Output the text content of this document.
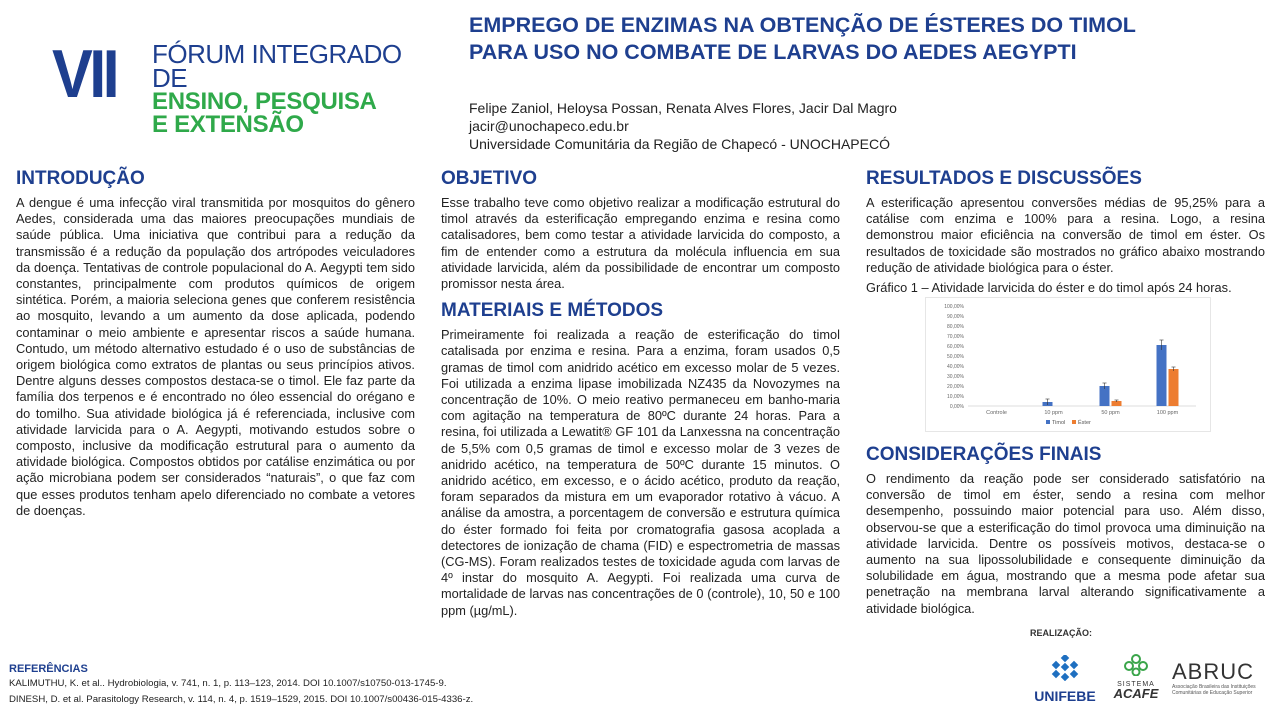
VII FÓRUM INTEGRADO DE
ENSINO, PESQUISA
E EXTENSÃO
EMPREGO DE ENZIMAS NA OBTENÇÃO DE ÉSTERES DO TIMOL PARA USO NO COMBATE DE LARVAS DO AEDES AEGYPTI
Felipe Zaniol, Heloysa Possan, Renata Alves Flores, Jacir Dal Magro
jacir@unochapeco.edu.br
Universidade Comunitária da Região de Chapecó - UNOCHAPECÓ
INTRODUÇÃO

A dengue é uma infecção viral transmitida por mosquitos do gênero Aedes, considerada uma das maiores preocupações mundiais de saúde pública. Uma iniciativa que contribui para a redução da transmissão é a redução da população dos artrópodes veiculadores da doença. Tentativas de controle populacional do A. Aegypti tem sido constantes, principalmente com produtos químicos de origem sintética. Porém, a maioria seleciona genes que conferem resistência ao mosquito, levando a um aumento da dose aplicada, podendo contaminar o meio ambiente e apresentar riscos a saúde humana. Contudo, um método alternativo estudado é o uso de substâncias de origem biológica como extratos de plantas ou seus princípios ativos. Dentre alguns desses compostos destaca-se o timol. Ele faz parte da família dos terpenos e é encontrado no óleo essencial do orégano e do tomilho. Sua atividade biológica já é referenciada, inclusive com atividade larvicida para o A. Aegypti, motivando estudos sobre o composto, inclusive da modificação estrutural para o aumento da atividade biológica. Compostos obtidos por catálise enzimática ou por ação microbiana podem ser considerados “naturais”, o que faz com que esses produtos tenham apelo diferenciado no combate a vetores de doenças.

OBJETIVO

Esse trabalho teve como objetivo realizar a modificação estrutural do timol através da esterificação empregando enzima e resina como catalisadores, bem como testar a atividade larvicida do composto, a fim de entender como a estrutura da molécula influencia em sua atividade larvicida, além da possibilidade de encontrar um composto promissor nesta área.

MATERIAIS E MÉTODOS

Primeiramente foi realizada a reação de esterificação do timol catalisada por enzima e resina. Para a enzima, foram usados 0,5 gramas de timol com anidrido acético em excesso molar de 5 vezes. Foi utilizada a enzima lipase imobilizada NZ435 da Novozymes na concentração de 10%. O meio reativo permaneceu em banho-maria com agitação na temperatura de 80ºC durante 24 horas. Para a resina, foi utilizada a Lewatit® GF 101 da Lanxessna na concentração de 5,5% com 0,5 gramas de timol e excesso molar de 3 vezes de anidrido acético, na temperatura de 50ºC durante 15 minutos. O anidrido acético, em excesso, e o ácido acético, produto da reação, foram separados da mistura em um evaporador rotativo à vácuo. A análise da amostra, a porcentagem de conversão e estrutura química do éster formado foi feita por cromatografia gasosa acoplada a detectores de ionização de chama (FID) e espectrometria de massas (CG-MS). Foram realizados testes de toxicidade aguda com larvas de 4º instar do mosquito A. Aegypti. Foi realizada uma curva de mortalidade de larvas nas concentrações de 0 (controle), 10, 50 e 100 ppm (µg/mL).

RESULTADOS E DISCUSSÕES

A esterificação apresentou conversões médias de 95,25% para a catálise com enzima e 100% para a resina. Logo, a resina demonstrou maior eficiência na conversão de timol em éster. Os resultados de toxicidade são mostrados no gráfico abaixo mostrando redução de atividade biológica para o éster.

Gráfico 1 – Atividade larvicida do éster e do timol após 24 horas.

0,00%
10,00%
20,00%
30,00%
40,00%
50,00%
60,00%
70,00%
80,00%
90,00%
100,00%
Controle	10 ppm	50 ppm	100 ppm
Timol Éster
CONSIDERAÇÕES FINAIS

O rendimento da reação pode ser considerado satisfatório na conversão de timol em éster, sendo a resina com melhor desempenho, possuindo maior potencial para uso. Além disso, observou-se que a esterificação do timol provoca uma diminuição na atividade larvicida. Dentre os possíveis motivos, destaca-se o aumento na sua lipossolubilidade e consequente diminuição da solubilidade em água, mostrando que a mesma pode afetar sua penetração na membrana larval alterando significativamente a atividade biológica.

REFERÊNCIAS
KALIMUTHU, K. et al.. Hydrobiologia, v. 741, n. 1, p. 113–123, 2014. DOI 10.1007/s10750-013-1745-9.
DINESH, D. et al. Parasitology Research, v. 114, n. 4, p. 1519–1529, 2015. DOI 10.1007/s00436-015-4336-z.
REALIZAÇÃO:
UNIFEBE
SISTEMA
ACAFE
ABRUC
Associação Brasileira das Instituições Comunitárias de Educação Superior
